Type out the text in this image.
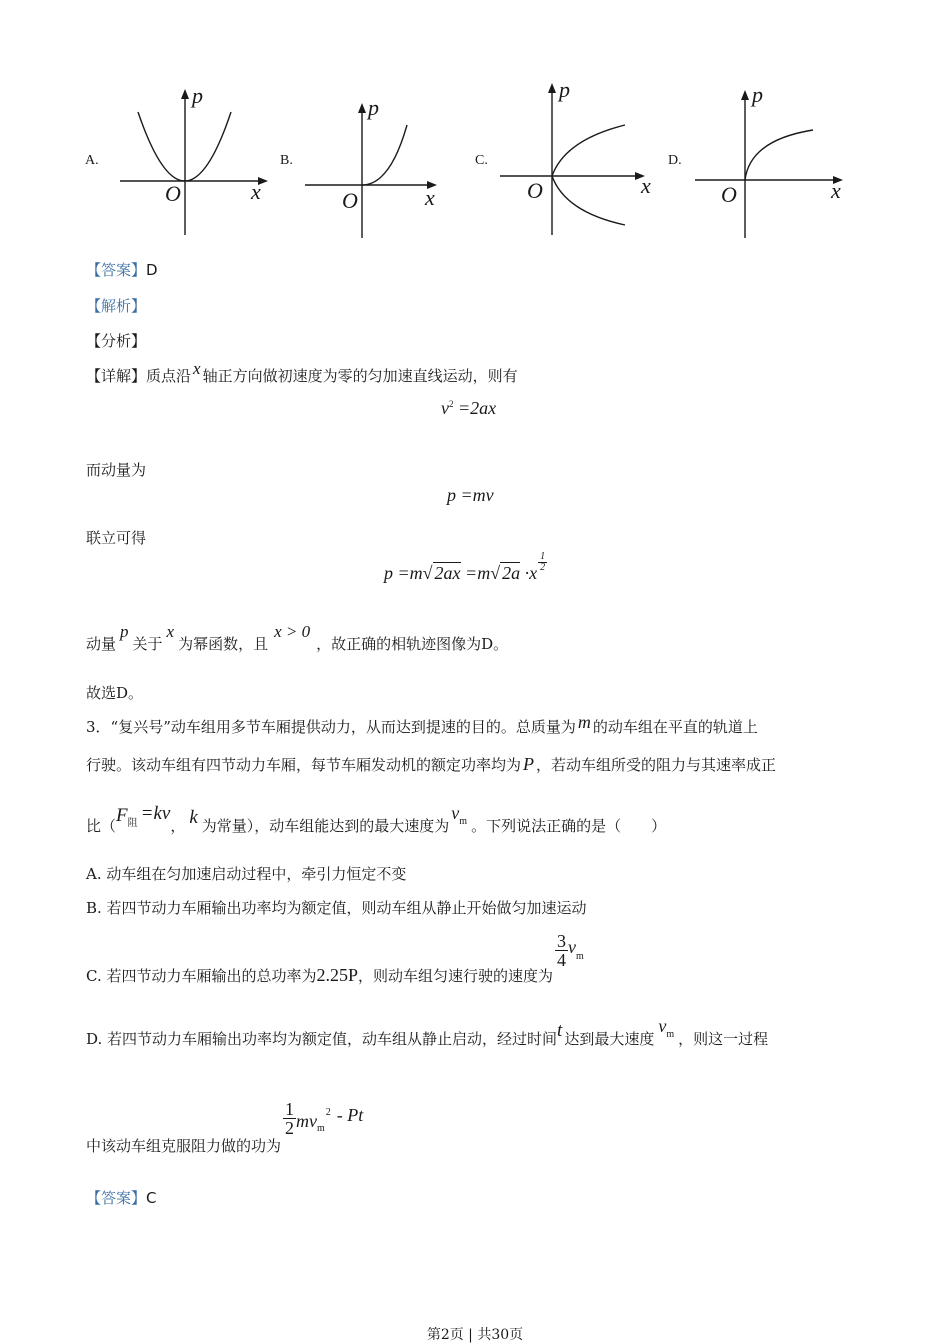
A.
p
O	x
B.
p
O	x
C.
p
O	x
D.
p
O	x
【答案】D
【解析】
【分析】
【详解】质点沿 x 轴正方向做初速度为零的匀加速直线运动，则有
$v^2 =2ax$
而动量为
p =mv
联立可得
p =m√ 2ax =m√ $2a \cdot x \frac{1}{2}$
动量p关于x为幂函数，且x > 0，故正确的相轨迹图像为D。
故选D。
3．“复兴号”动车组用多节车厢提供动力，从而达到提速的目的。总质量为 m 的动车组在平直的轨道上
行驶。该动车组有四节动力车厢，每节车厢发动机的额定功率均为 P ，若动车组所受的阻力与其速率成正
比（$F^阻 =kv$， k 为常量），动车组能达到的最大速度为$v^m$ 。下列说法正确的是（　　）
A. 动车组在匀加速启动过程中，牵引力恒定不变
B. 若四节动力车厢输出功率均为额定值，则动车组从静止开始做匀加速运动
C. 若四节动力车厢输出的总功率为2.25P，则动车组匀速行驶的速度为
$\frac{3}{4} v_m$
D. 若四节动力车厢输出功率均为额定值，动车组从静止启动，经过时间t 达到最大速度$v^m$ ，则这一过程
中该动车组克服阻力做的功为
$\frac{1}{2} mv_m^2$ - Pt
【答案】C
第2页 | 共30页
